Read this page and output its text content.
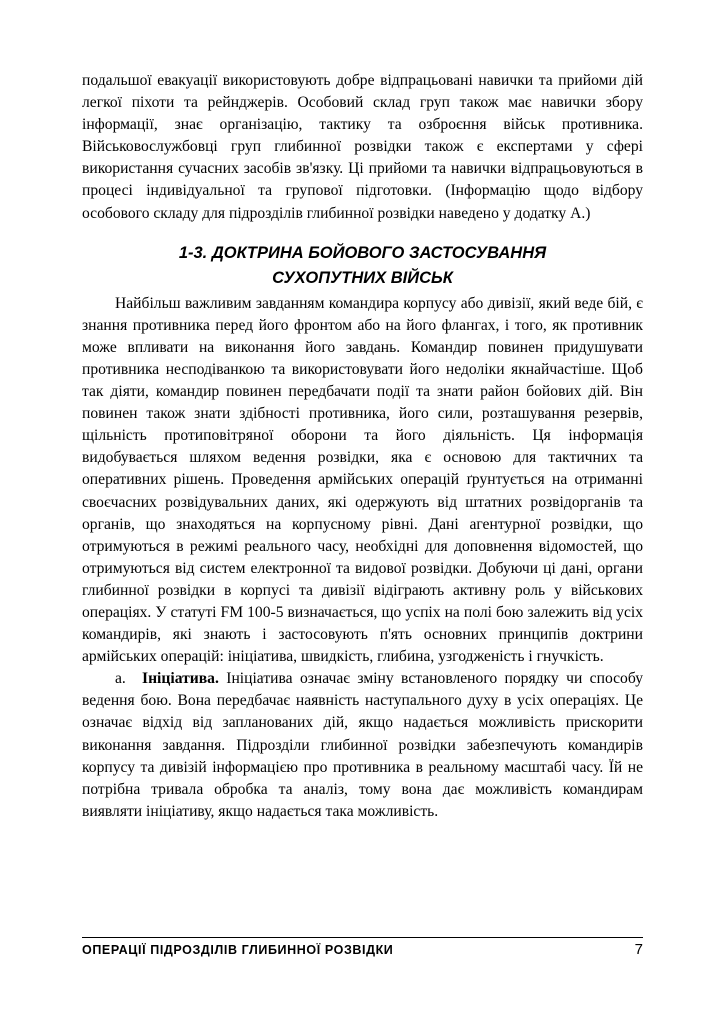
подальшої евакуації використовують добре відпрацьовані навички та прийоми дій легкої піхоти та рейнджерів. Особовий склад груп також має навички збору інформації, знає організацію, тактику та озброєння військ противника. Військовослужбовці груп глибинної розвідки також є експертами у сфері використання сучасних засобів зв'язку. Ці прийоми та навички відпрацьовуються в процесі індивідуальної та групової підготовки. (Інформацію щодо відбору особового складу для підрозділів глибинної розвідки наведено у додатку А.)

1-3. ДОКТРИНА БОЙОВОГО ЗАСТОСУВАННЯ
СУХОПУТНИХ ВІЙСЬК

Найбільш важливим завданням командира корпусу або дивізії, який веде бій, є знання противника перед його фронтом або на його флангах, і того, як противник може впливати на виконання його завдань. Командир повинен придушувати противника несподіванкою та використовувати його недоліки якнайчастіше. Щоб так діяти, командир повинен передбачати події та знати район бойових дій. Він повинен також знати здібності противника, його сили, розташування резервів, щільність протиповітряної оборони та його діяльність. Ця інформація видобувається шляхом ведення розвідки, яка є основою для тактичних та оперативних рішень. Проведення армійських операцій ґрунтується на отриманні своєчасних розвідувальних даних, які одержують від штатних розвідорганів та органів, що знаходяться на корпусному рівні. Дані агентурної розвідки, що отримуються в режимі реального часу, необхідні для доповнення відомостей, що отримуються від систем електронної та видової розвідки. Добуючи ці дані, органи глибинної розвідки в корпусі та дивізії відіграють активну роль у військових операціях. У статуті FM 100-5 визначається, що успіх на полі бою залежить від усіх командирів, які знають і застосовують п'ять основних принципів доктрини армійських операцій: ініціатива, швидкість, глибина, узгодженість і гнучкість.

a. Ініціатива. Ініціатива означає зміну встановленого порядку чи способу ведення бою. Вона передбачає наявність наступального духу в усіх операціях. Це означає відхід від запланованих дій, якщо надається можливість прискорити виконання завдання. Підрозділи глибинної розвідки забезпечують командирів корпусу та дивізій інформацією про противника в реальному масштабі часу. Їй не потрібна тривала обробка та аналіз, тому вона дає можливість командирам виявляти ініціативу, якщо надається така можливість.

ОПЕРАЦІЇ ПІДРОЗДІЛІВ ГЛИБИННОЇ РОЗВІДКИ	7
